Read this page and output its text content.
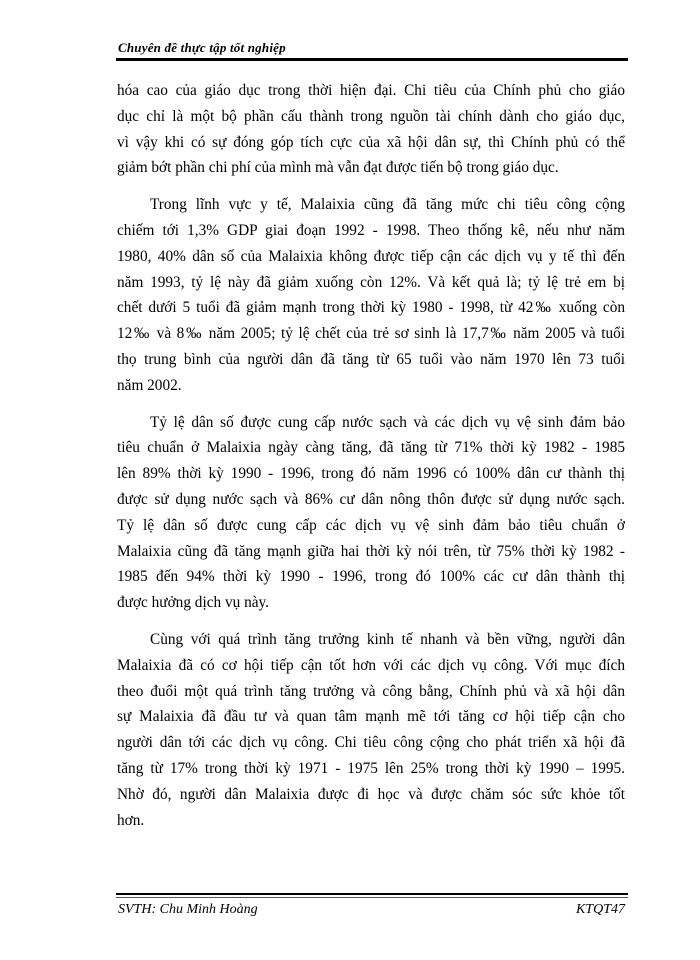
Chuyên đề thực tập tốt nghiệp

hóa cao của giáo dục trong thời hiện đại. Chi tiêu của Chính phủ cho giáo
dục chỉ là một bộ phần cấu thành trong nguồn tài chính dành cho giáo dục,
vì vậy khi có sự đóng góp tích cực của xã hội dân sự, thì Chính phủ có thể
giảm bớt phần chi phí của mình mà vẫn đạt được tiến bộ trong giáo dục.

Trong lĩnh vực y tế, Malaixia cũng đã tăng mức chi tiêu công cộng
chiếm tới 1,3% GDP giai đoạn 1992 - 1998. Theo thống kê, nếu như năm
1980, 40% dân số của Malaixia không được tiếp cận các dịch vụ y tế thì đến
năm 1993, tỷ lệ này đã giảm xuống còn 12%. Và kết quả là; tỷ lệ trẻ em bị
chết dưới 5 tuổi đã giảm mạnh trong thời kỳ 1980 - 1998, từ 42‰ xuống còn
12‰ và 8‰ năm 2005; tỷ lệ chết của trẻ sơ sinh là 17,7‰ năm 2005 và tuổi
thọ trung bình của người dân đã tăng từ 65 tuổi vào năm 1970 lên 73 tuổi
năm 2002.

Tỷ lệ dân số được cung cấp nước sạch và các dịch vụ vệ sinh đảm bảo
tiêu chuẩn ở Malaixia ngày càng tăng, đã tăng từ 71% thời kỳ 1982 - 1985
lên 89% thời kỳ 1990 - 1996, trong đó năm 1996 có 100% dân cư thành thị
được sử dụng nước sạch và 86% cư dân nông thôn được sử dụng nước sạch.
Tỷ lệ dân số được cung cấp các dịch vụ vệ sinh đảm bảo tiêu chuẩn ở
Malaixia cũng đã tăng mạnh giữa hai thời kỳ nói trên, từ 75% thời kỳ 1982 -
1985 đến 94% thời kỳ 1990 - 1996, trong đó 100% các cư dân thành thị
được hưởng dịch vụ này.

Cùng với quá trình tăng trưởng kinh tế nhanh và bền vững, người dân
Malaixia đã có cơ hội tiếp cận tốt hơn với các dịch vụ công. Với mục đích
theo đuổi một quá trình tăng trưởng và công bằng, Chính phủ và xã hội dân
sự Malaixia đã đầu tư và quan tâm mạnh mẽ tới tăng cơ hội tiếp cận cho
người dân tới các dịch vụ công. Chi tiêu công cộng cho phát triển xã hội đã
tăng từ 17% trong thời kỳ 1971 - 1975 lên 25% trong thời kỳ 1990 – 1995.
Nhờ đó, người dân Malaixia được đi học và được chăm sóc sức khỏe tốt
hơn.

SVTH: Chu Minh Hoàng	KTQT47
